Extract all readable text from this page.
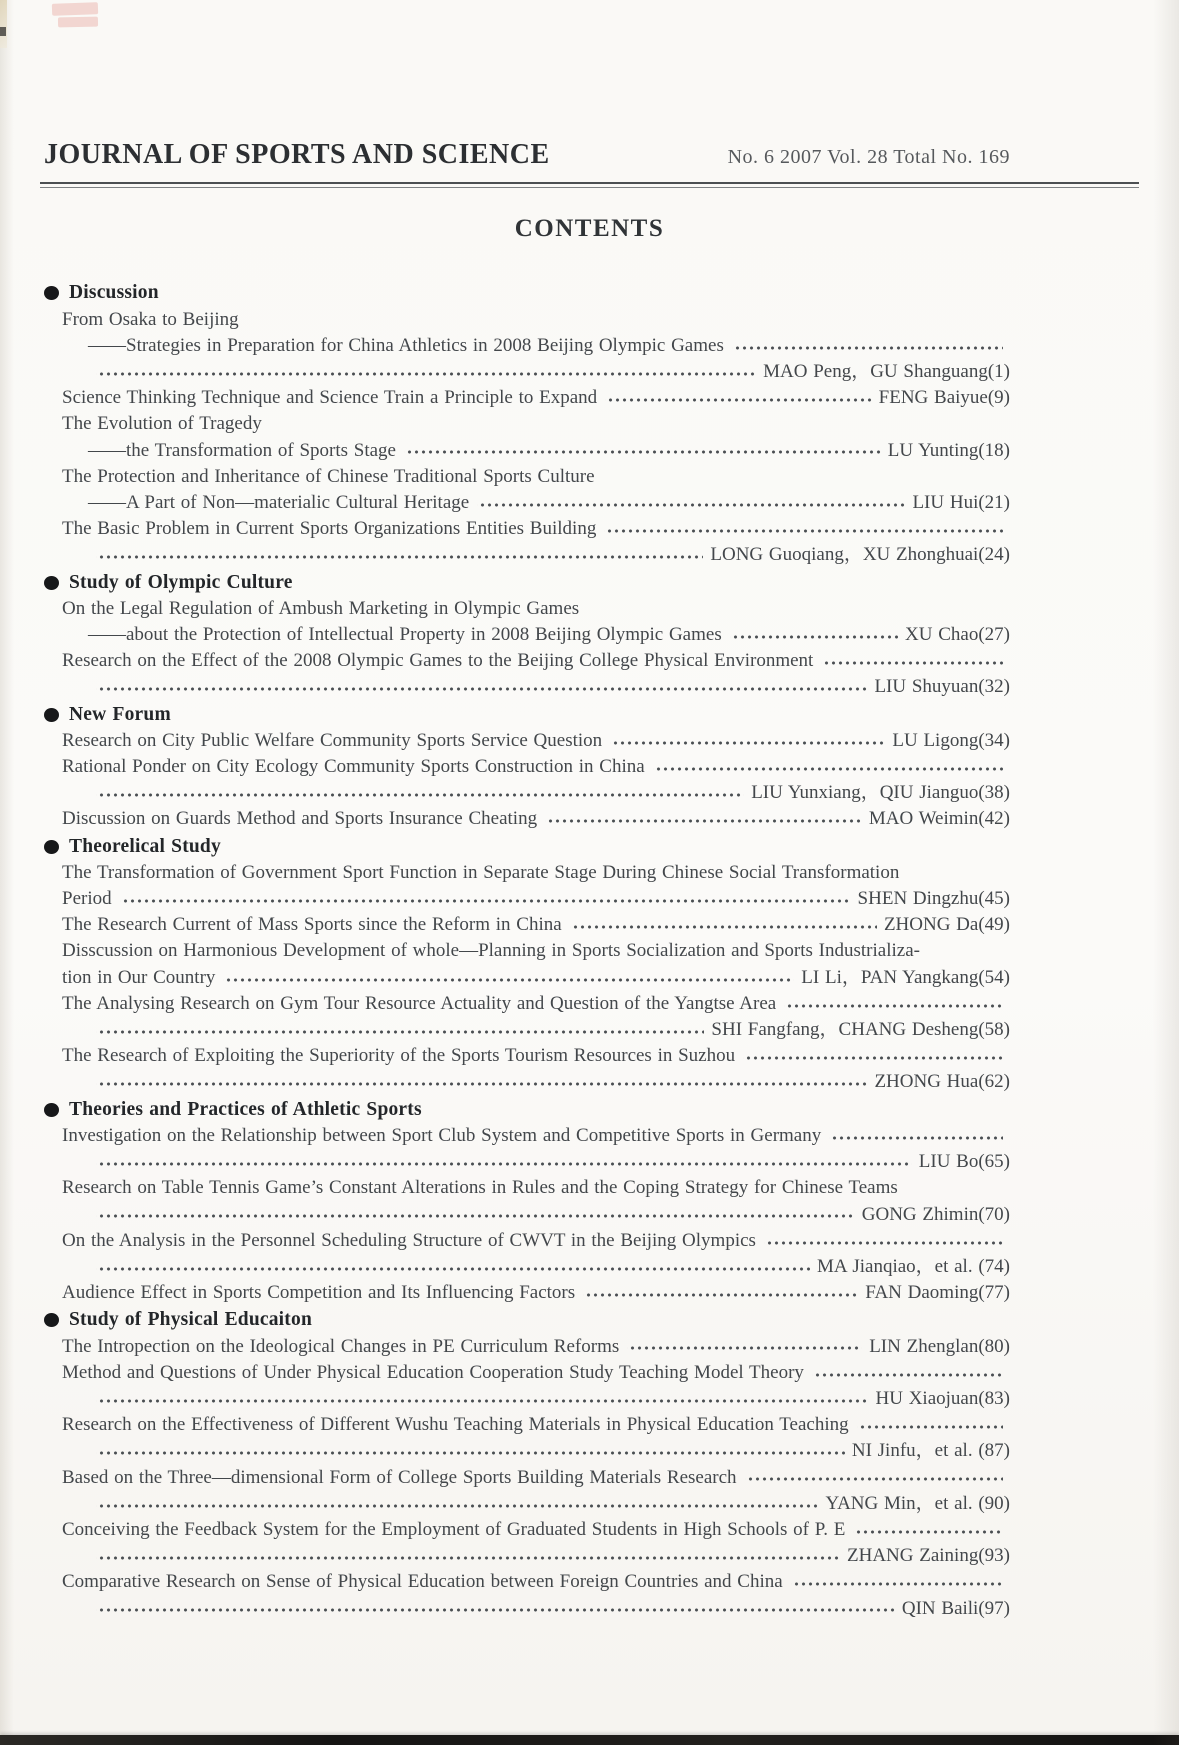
JOURNAL OF SPORTS AND SCIENCE	No. 6 2007 Vol. 28 Total No. 169
CONTENTS
Discussion
From Osaka to Beijing
——Strategies in Preparation for China Athletics in 2008 Beijing Olympic Games
MAO Peng，GU Shanguang(1)
Science Thinking Technique and Science Train a Principle to Expand	FENG Baiyue(9)
The Evolution of Tragedy
——the Transformation of Sports Stage	LU Yunting(18)
The Protection and Inheritance of Chinese Traditional Sports Culture
——A Part of Non—materialic Cultural Heritage	LIU Hui(21)
The Basic Problem in Current Sports Organizations Entities Building
LONG Guoqiang，XU Zhonghuai(24)
Study of Olympic Culture
On the Legal Regulation of Ambush Marketing in Olympic Games
——about the Protection of Intellectual Property in 2008 Beijing Olympic Games	XU Chao(27)
Research on the Effect of the 2008 Olympic Games to the Beijing College Physical Environment
LIU Shuyuan(32)
New Forum
Research on City Public Welfare Community Sports Service Question	LU Ligong(34)
Rational Ponder on City Ecology Community Sports Construction in China
LIU Yunxiang，QIU Jianguo(38)
Discussion on Guards Method and Sports Insurance Cheating	MAO Weimin(42)
Theorelical Study
The Transformation of Government Sport Function in Separate Stage During Chinese Social Transformation
Period	SHEN Dingzhu(45)
The Research Current of Mass Sports since the Reform in China	ZHONG Da(49)
Disscussion on Harmonious Development of whole—Planning in Sports Socialization and Sports Industrializa-
tion in Our Country	LI Li，PAN Yangkang(54)
The Analysing Research on Gym Tour Resource Actuality and Question of the Yangtse Area
SHI Fangfang，CHANG Desheng(58)
The Research of Exploiting the Superiority of the Sports Tourism Resources in Suzhou
ZHONG Hua(62)
Theories and Practices of Athletic Sports
Investigation on the Relationship between Sport Club System and Competitive Sports in Germany
LIU Bo(65)
Research on Table Tennis Game’s Constant Alterations in Rules and the Coping Strategy for Chinese Teams
GONG Zhimin(70)
On the Analysis in the Personnel Scheduling Structure of CWVT in the Beijing Olympics
MA Jianqiao，et al. (74)
Audience Effect in Sports Competition and Its Influencing Factors	FAN Daoming(77)
Study of Physical Educaiton
The Intropection on the Ideological Changes in PE Curriculum Reforms	LIN Zhenglan(80)
Method and Questions of Under Physical Education Cooperation Study Teaching Model Theory
HU Xiaojuan(83)
Research on the Effectiveness of Different Wushu Teaching Materials in Physical Education Teaching
NI Jinfu，et al. (87)
Based on the Three—dimensional Form of College Sports Building Materials Research
YANG Min，et al. (90)
Conceiving the Feedback System for the Employment of Graduated Students in High Schools of P. E
ZHANG Zaining(93)
Comparative Research on Sense of Physical Education between Foreign Countries and China
QIN Baili(97)
